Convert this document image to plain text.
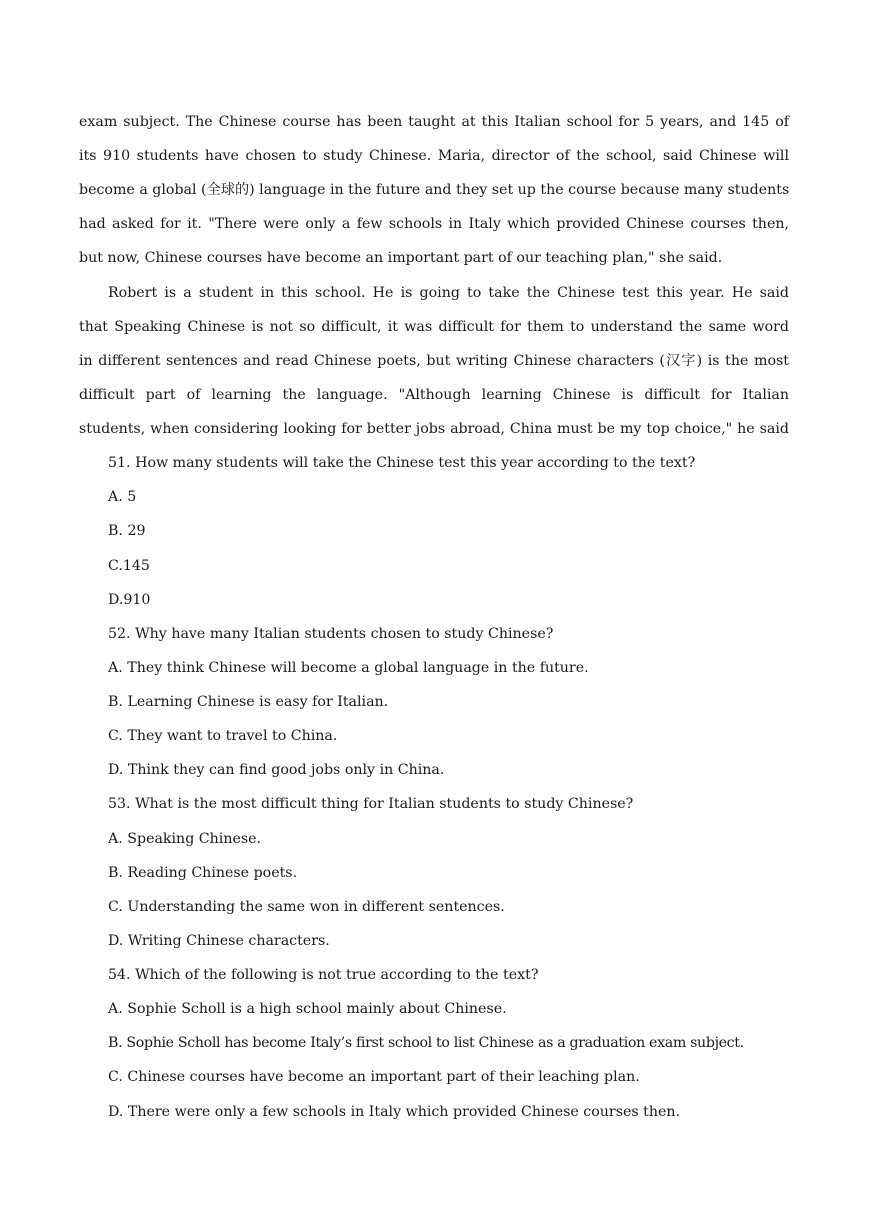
exam subject. The Chinese course has been taught at this Italian school for 5 years, and 145 of
its 910 students have chosen to study Chinese. Maria, director of the school, said Chinese will
become a global (全球的) language in the future and they set up the course because many students
had asked for it. "There were only a few schools in Italy which provided Chinese courses then,
but now, Chinese courses have become an important part of our teaching plan," she said.
Robert is a student in this school. He is going to take the Chinese test this year. He said
that Speaking Chinese is not so difficult, it was difficult for them to understand the same word
in different sentences and read Chinese poets, but writing Chinese characters (汉字) is the most
difficult part of learning the language. "Although learning Chinese is difficult for Italian
students, when considering looking for better jobs abroad, China must be my top choice," he said
51. How many students will take the Chinese test this year according to the text?
A. 5
B. 29
C.145
D.910
52. Why have many Italian students chosen to study Chinese?
A. They think Chinese will become a global language in the future.
B. Learning Chinese is easy for Italian.
C. They want to travel to China.
D. Think they can find good jobs only in China.
53. What is the most difficult thing for Italian students to study Chinese?
A. Speaking Chinese.
B. Reading Chinese poets.
C. Understanding the same won in different sentences.
D. Writing Chinese characters.
54. Which of the following is not true according to the text?
A. Sophie Scholl is a high school mainly about Chinese.
B. Sophie Scholl has become Italy’s first school to list Chinese as a graduation exam subject.
C. Chinese courses have become an important part of their leaching plan.
D. There were only a few schools in Italy which provided Chinese courses then.
